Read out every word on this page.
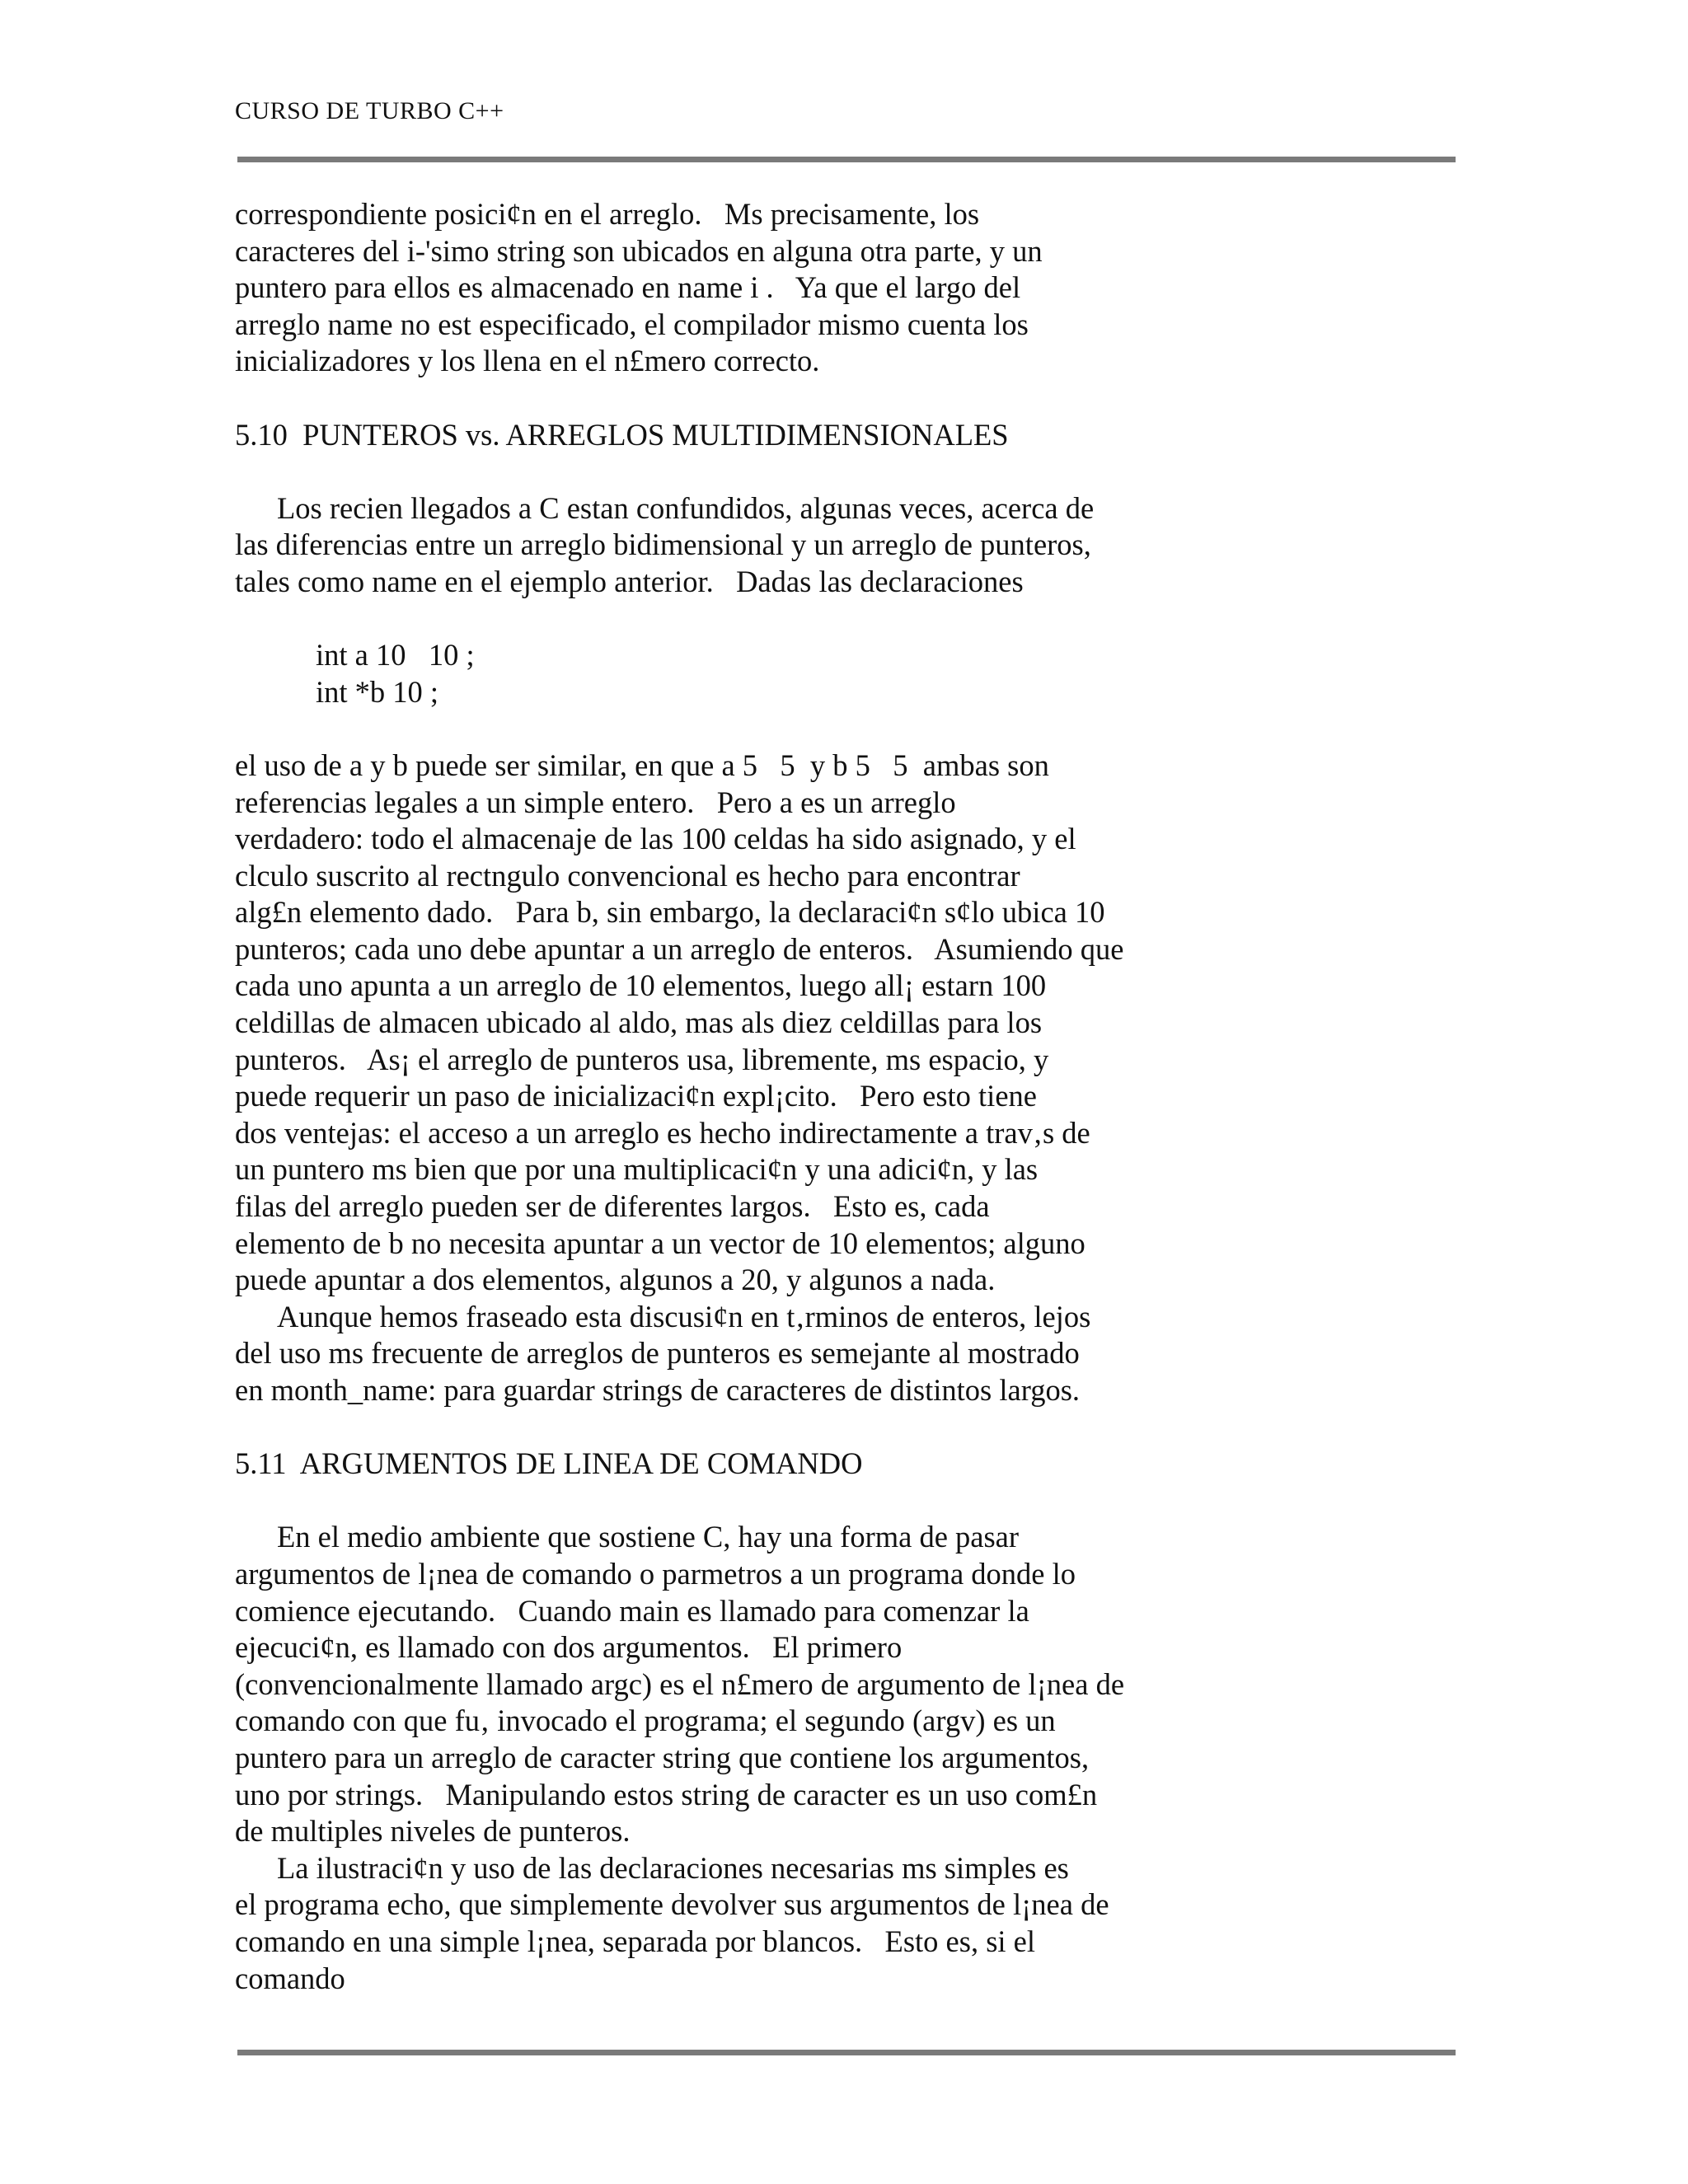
CURSO DE TURBO C++
correspondiente posici¢n en el arreglo.   Ms precisamente, los
caracteres del i-'simo string son ubicados en alguna otra parte, y un
puntero para ellos es almacenado en name i .   Ya que el largo del
arreglo name no est especificado, el compilador mismo cuenta los
inicializadores y los llena en el n£mero correcto.
5.10  PUNTEROS vs. ARREGLOS MULTIDIMENSIONALES
Los recien llegados a C estan confundidos, algunas veces, acerca de
las diferencias entre un arreglo bidimensional y un arreglo de punteros,
tales como name en el ejemplo anterior.   Dadas las declaraciones
int a 10   10 ;
int *b 10 ;
el uso de a y b puede ser similar, en que a 5   5  y b 5   5  ambas son
referencias legales a un simple entero.   Pero a es un arreglo
verdadero: todo el almacenaje de las 100 celdas ha sido asignado, y el
clculo suscrito al rectngulo convencional es hecho para encontrar
alg£n elemento dado.   Para b, sin embargo, la declaraci¢n s¢lo ubica 10
punteros; cada uno debe apuntar a un arreglo de enteros.   Asumiendo que
cada uno apunta a un arreglo de 10 elementos, luego all¡ estarn 100
celdillas de almacen ubicado al aldo, mas als diez celdillas para los
punteros.   As¡ el arreglo de punteros usa, libremente, ms espacio, y
puede requerir un paso de inicializaci¢n expl¡cito.   Pero esto tiene
dos ventejas: el acceso a un arreglo es hecho indirectamente a trav‚s de
un puntero ms bien que por una multiplicaci¢n y una adici¢n, y las
filas del arreglo pueden ser de diferentes largos.   Esto es, cada
elemento de b no necesita apuntar a un vector de 10 elementos; alguno
puede apuntar a dos elementos, algunos a 20, y algunos a nada.
Aunque hemos fraseado esta discusi¢n en t‚rminos de enteros, lejos
del uso ms frecuente de arreglos de punteros es semejante al mostrado
en month_name: para guardar strings de caracteres de distintos largos.
5.11  ARGUMENTOS DE LINEA DE COMANDO
En el medio ambiente que sostiene C, hay una forma de pasar
argumentos de l¡nea de comando o parmetros a un programa donde lo
comience ejecutando.   Cuando main es llamado para comenzar la
ejecuci¢n, es llamado con dos argumentos.   El primero
(convencionalmente llamado argc) es el n£mero de argumento de l¡nea de
comando con que fu‚ invocado el programa; el segundo (argv) es un
puntero para un arreglo de caracter string que contiene los argumentos,
uno por strings.   Manipulando estos string de caracter es un uso com£n
de multiples niveles de punteros.
La ilustraci¢n y uso de las declaraciones necesarias ms simples es
el programa echo, que simplemente devolver sus argumentos de l¡nea de
comando en una simple l¡nea, separada por blancos.   Esto es, si el
comando
